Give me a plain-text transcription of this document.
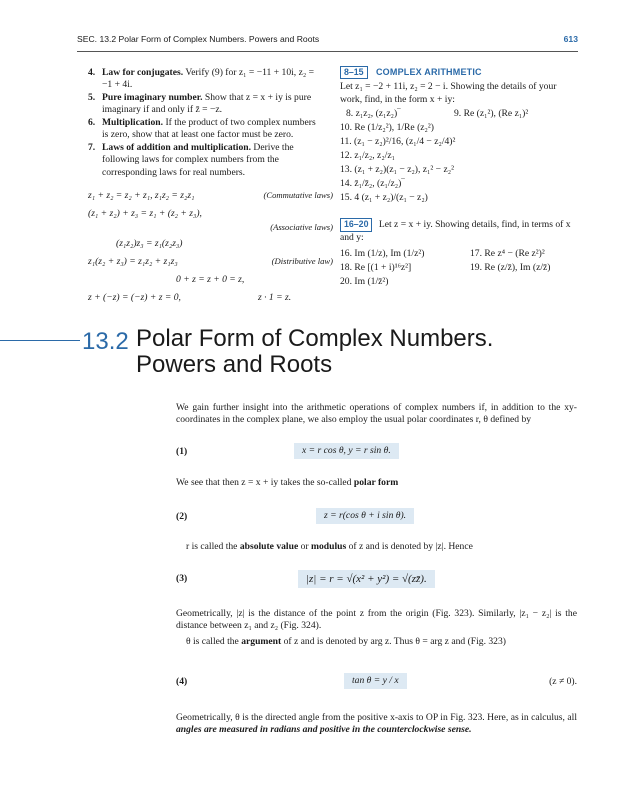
SEC. 13.2 Polar Form of Complex Numbers. Powers and Roots	613
4. Law for conjugates. Verify (9) for z₁ = −11 + 10i, z₂ = −1 + 4i.
5. Pure imaginary number. Show that z = x + iy is pure imaginary if and only if z̄ = −z.
6. Multiplication. If the product of two complex numbers is zero, show that at least one factor must be zero.
7. Laws of addition and multiplication. Derive the following laws for complex numbers from the corresponding laws for real numbers.
z₁ + z₂ = z₂ + z₁, z₁z₂ = z₂z₁	(Commutative laws)
(z₁ + z₂) + z₃ = z₁ + (z₂ + z₃),
(Associative laws)
(z₁z₂)z₃ = z₁(z₂z₃)
z₁(z₂ + z₃) = z₁z₂ + z₁z₃	(Distributive law)
0 + z = z + 0 = z,
z + (−z) = (−z) + z = 0,	z · 1 = z.
8–15 COMPLEX ARITHMETIC
Let z₁ = −2 + 11i, z₂ = 2 − i. Showing the details of your work, find, in the form x + iy:
8. z₁z₂, (z₁z₂)‾	9. Re (z₁²), (Re z₁)²
10. Re (1/z₂²), 1/Re (z₂²)
11. (z₁ − z₂)²/16, (z₁/4 − z₂/4)²
12. z₁/z₂, z₂/z₁
13. (z₁ + z₂)(z₁ − z₂), z₁² − z₂²
14. z̄₁/z̄₂, (z₁/z₂)‾
15. 4 (z₁ + z₂)/(z₁ − z₂)
16–20 Let z = x + iy. Showing details, find, in terms of x and y:
16. Im (1/z), Im (1/z²)	17. Re z⁴ − (Re z²)²
18. Re [(1 + i)¹⁶z²]	19. Re (z/z̄), Im (z/z̄)
20. Im (1/z̄²)
13.2 Polar Form of Complex Numbers.
Powers and Roots
We gain further insight into the arithmetic operations of complex numbers if, in addition to the xy-coordinates in the complex plane, we also employ the usual polar coordinates r, θ defined by
(1)	x = r cos θ, y = r sin θ.
We see that then z = x + iy takes the so-called polar form
(2)	z = r(cos θ + i sin θ).
r is called the absolute value or modulus of z and is denoted by |z|. Hence
(3)	|z| = r = √(x² + y²) = √(zz̄).
Geometrically, |z| is the distance of the point z from the origin (Fig. 323). Similarly, |z₁ − z₂| is the distance between z₁ and z₂ (Fig. 324).
θ is called the argument of z and is denoted by arg z. Thus θ = arg z and (Fig. 323)
(4)	tan θ = y / x	(z ≠ 0).
Geometrically, θ is the directed angle from the positive x-axis to OP in Fig. 323. Here, as in calculus, all angles are measured in radians and positive in the counterclockwise sense.
